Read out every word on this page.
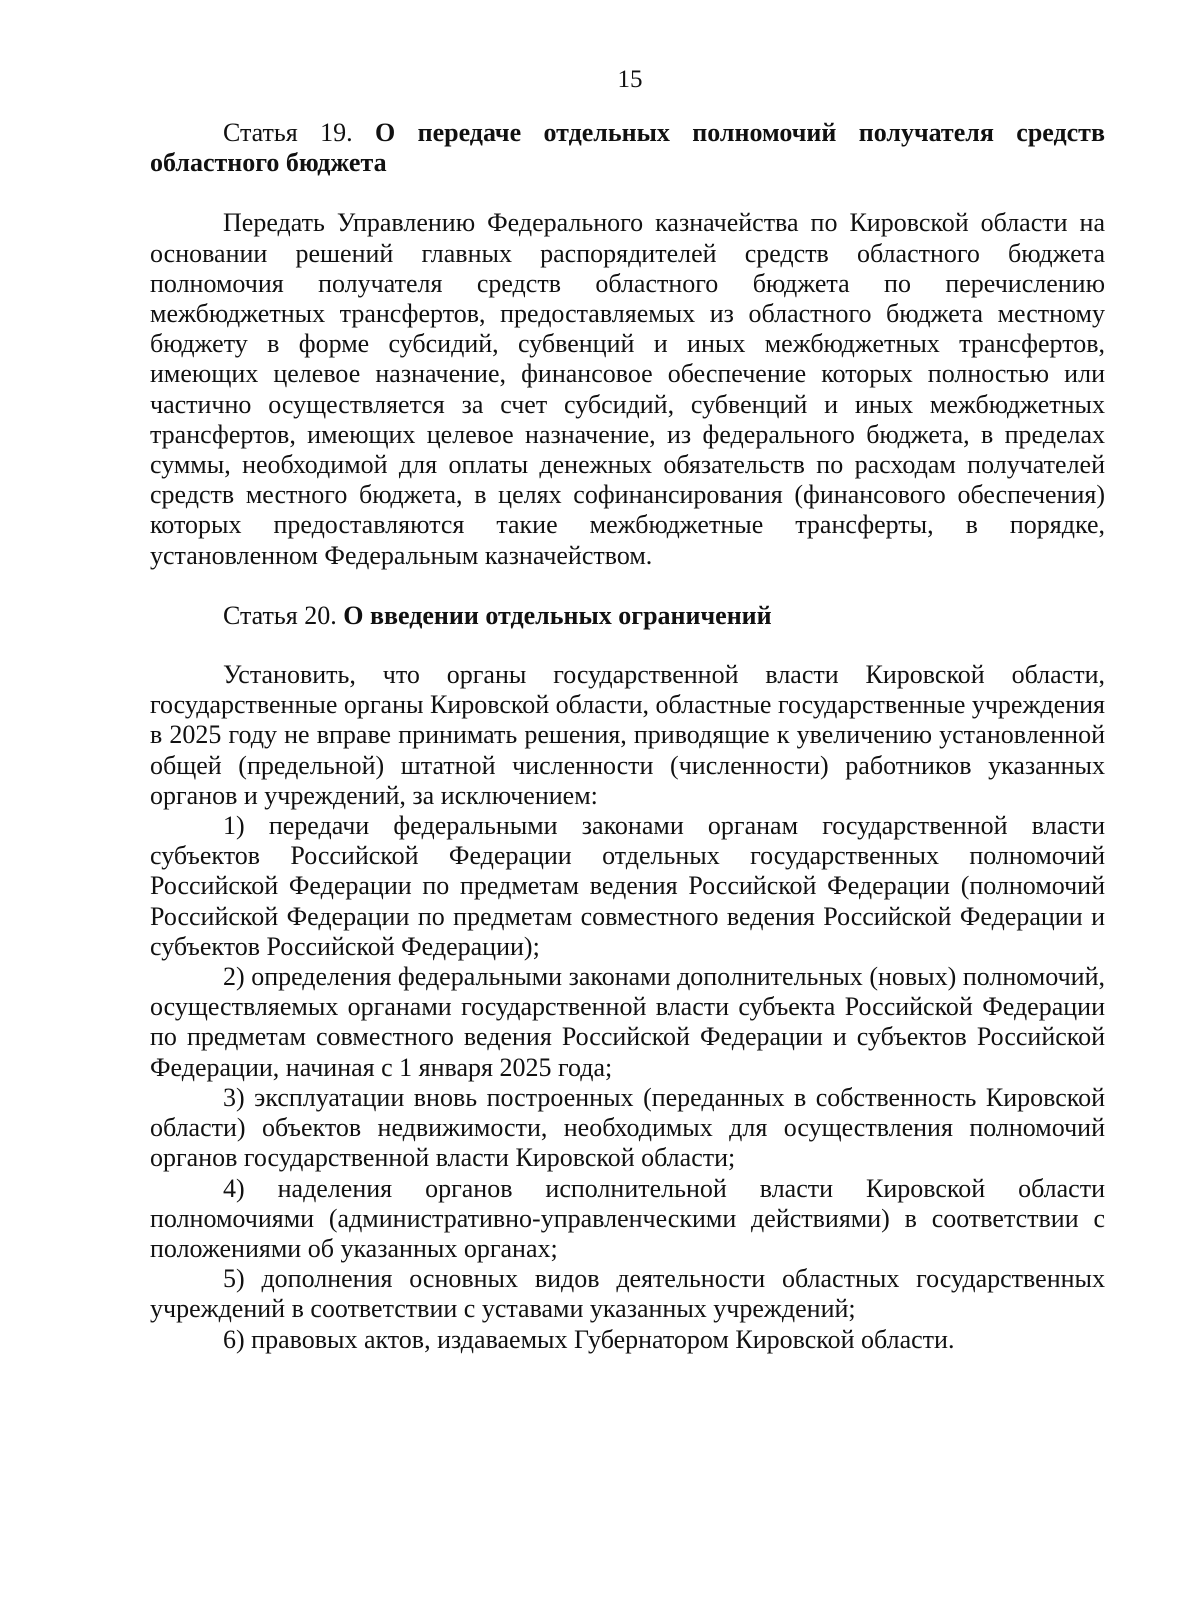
15

Статья 19. О передаче отдельных полномочий получателя средств областного бюджета

Передать Управлению Федерального казначейства по Кировской области на основании решений главных распорядителей средств областного бюджета полномочия получателя средств областного бюджета по перечислению межбюджетных трансфертов, предоставляемых из областного бюджета местному бюджету в форме субсидий, субвенций и иных межбюджетных трансфертов, имеющих целевое назначение, финансовое обеспечение которых полностью или частично осуществляется за счет субсидий, субвенций и иных межбюджетных трансфертов, имеющих целевое назначение, из федерального бюджета, в пределах суммы, необходимой для оплаты денежных обязательств по расходам получателей средств местного бюджета, в целях софинансирования (финансового обеспечения) которых предоставляются такие межбюджетные трансферты, в порядке, установленном Федеральным казначейством.

Статья 20. О введении отдельных ограничений

Установить, что органы государственной власти Кировской области, государственные органы Кировской области, областные государственные учреждения в 2025 году не вправе принимать решения, приводящие к увеличению установленной общей (предельной) штатной численности (численности) работников указанных органов и учреждений, за исключением:

1) передачи федеральными законами органам государственной власти субъектов Российской Федерации отдельных государственных полномочий Российской Федерации по предметам ведения Российской Федерации (полномочий Российской Федерации по предметам совместного ведения Российской Федерации и субъектов Российской Федерации);

2) определения федеральными законами дополнительных (новых) полномочий, осуществляемых органами государственной власти субъекта Российской Федерации по предметам совместного ведения Российской Федерации и субъектов Российской Федерации, начиная с 1 января 2025 года;

3) эксплуатации вновь построенных (переданных в собственность Кировской области) объектов недвижимости, необходимых для осуществления полномочий органов государственной власти Кировской области;

4) наделения органов исполнительной власти Кировской области полномочиями (административно-управленческими действиями) в соответствии с положениями об указанных органах;

5) дополнения основных видов деятельности областных государственных учреждений в соответствии с уставами указанных учреждений;

6) правовых актов, издаваемых Губернатором Кировской области.
